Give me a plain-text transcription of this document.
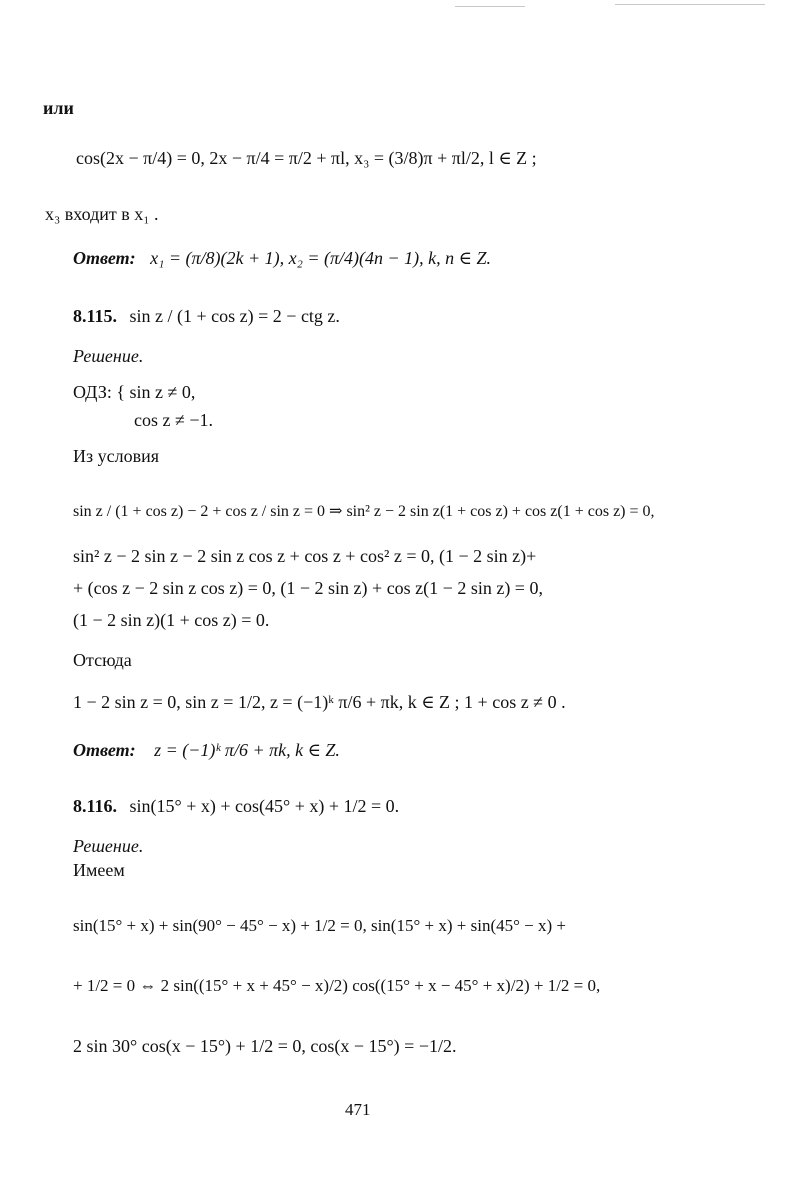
или
cos(2x − π/4) = 0, 2x − π/4 = π/2 + πl, x₃ = (3/8)π + πl/2, l ∈ Z ;
x₃ входит в x₁ .
Ответ: x₁ = (π/8)(2k + 1), x₂ = (π/4)(4n − 1), k, n ∈ Z.
8.115. sin z / (1 + cos z) = 2 − ctg z.
Решение.
ОДЗ: { sin z ≠ 0,
cos z ≠ −1.
Из условия
sin z / (1 + cos z) − 2 + cos z / sin z = 0 ⇒ sin² z − 2 sin z(1 + cos z) + cos z(1 + cos z) = 0,
sin² z − 2 sin z − 2 sin z cos z + cos z + cos² z = 0, (1 − 2 sin z)+
+ (cos z − 2 sin z cos z) = 0, (1 − 2 sin z) + cos z(1 − 2 sin z) = 0,
(1 − 2 sin z)(1 + cos z) = 0.
Отсюда
1 − 2 sin z = 0, sin z = 1/2, z = (−1)ᵏ π/6 + πk, k ∈ Z ; 1 + cos z ≠ 0 .
Ответ: z = (−1)ᵏ π/6 + πk, k ∈ Z.
8.116. sin(15° + x) + cos(45° + x) + 1/2 = 0.
Решение.
Имеем
sin(15° + x) + sin(90° − 45° − x) + 1/2 = 0, sin(15° + x) + sin(45° − x) +
+ 1/2 = 0 ⇔ 2 sin((15° + x + 45° − x)/2) cos((15° + x − 45° + x)/2) + 1/2 = 0,
2 sin 30° cos(x − 15°) + 1/2 = 0, cos(x − 15°) = −1/2.
471
